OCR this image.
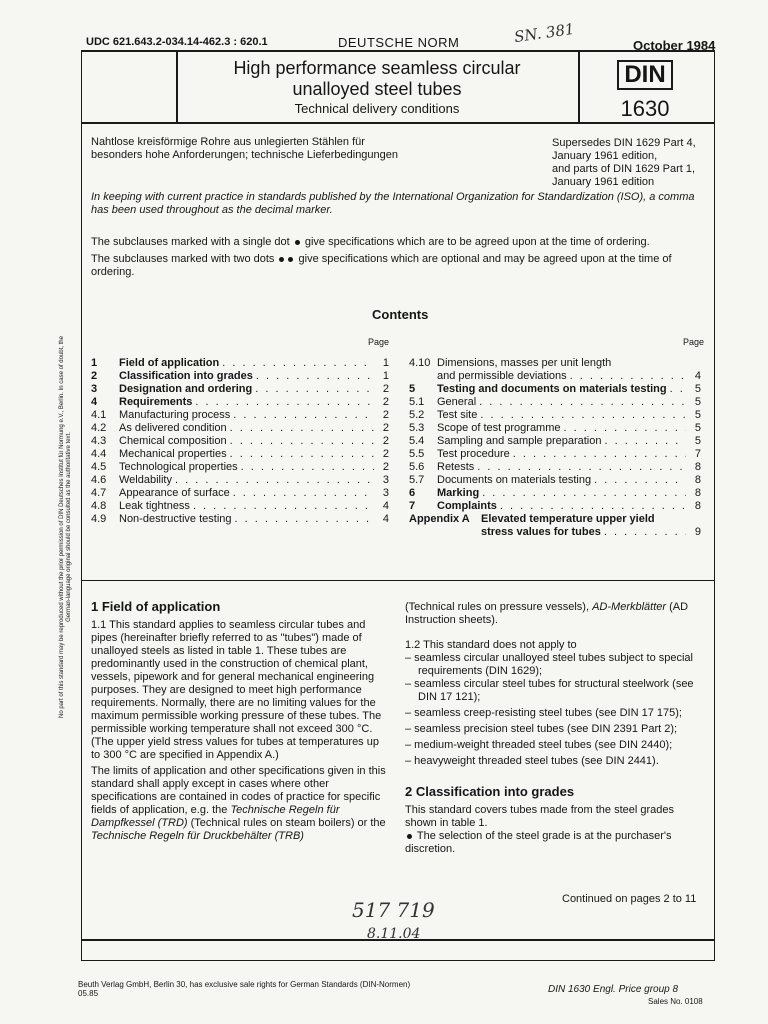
UDC 621.643.2-034.14-462.3 : 620.1	DEUTSCHE NORM	October 1984
SN. 381
High performance seamless circular
unalloyed steel tubes
Technical delivery conditions
DIN
1630
Nahtlose kreisförmige Rohre aus unlegierten Stählen für
besonders hohe Anforderungen; technische Lieferbedingungen
Supersedes DIN 1629 Part 4,
January 1961 edition,
and parts of DIN 1629 Part 1,
January 1961 edition
In keeping with current practice in standards published by the International Organization for Standardization (ISO), a comma has been used throughout as the decimal marker.
The subclauses marked with a single dot give specifications which are to be agreed upon at the time of ordering.
The subclauses marked with two dots give specifications which are optional and may be agreed upon at the time of ordering.
Contents
Page	Page
1	Field of application . . .	1
2	Classification into grades . . .	1
3	Designation and ordering . . .	2
4	Requirements . . .	2
4.1	Manufacturing process . . .	2
4.2	As delivered condition . . .	2
4.3	Chemical composition . . .	2
4.4	Mechanical properties . . .	2
4.5	Technological properties . . .	2
4.6	Weldability . . .	3
4.7	Appearance of surface . . .	3
4.8	Leak tightness . . .	4
4.9	Non-destructive testing . . .	4
4.10 Dimensions, masses per unit length
and permissible deviations . . .	4
5	Testing and documents on materials testing . . .	5
5.1	General . . .	5
5.2	Test site . . .	5
5.3	Scope of test programme . . .	5
5.4	Sampling and sample preparation . . .	5
5.5	Test procedure . . .	7
5.6	Retests . . .	8
5.7	Documents on materials testing . . .	8
6	Marking . . .	8
7	Complaints . . .	8
Appendix A	Elevated temperature upper yield
stress values for tubes . . .	9
1 Field of application

1.1 This standard applies to seamless circular tubes and pipes (hereinafter briefly referred to as "tubes") made of unalloyed steels as listed in table 1. These tubes are predominantly used in the construction of chemical plant, vessels, pipework and for general mechanical engineering purposes. They are designed to meet high performance requirements. Normally, there are no limiting values for the maximum permissible working pressure of these tubes. The permissible working temperature shall not exceed 300 °C. (The upper yield stress values for tubes at temperatures up to 300 °C are specified in Appendix A.)

The limits of application and other specifications given in this standard shall apply except in cases where other specifications are contained in codes of practice for specific fields of application, e.g. the Technische Regeln für Dampfkessel (TRD) (Technical rules on steam boilers) or the Technische Regeln für Druckbehälter (TRB)

(Technical rules on pressure vessels), AD-Merkblätter (AD Instruction sheets).

1.2 This standard does not apply to

– seamless circular unalloyed steel tubes subject to special requirements (DIN 1629);
– seamless circular steel tubes for structural steelwork (see DIN 17 121);
– seamless creep-resisting steel tubes (see DIN 17 175);
– seamless precision steel tubes (see DIN 2391 Part 2);
– medium-weight threaded steel tubes (see DIN 2440);
– heavyweight threaded steel tubes (see DIN 2441).
2 Classification into grades

This standard covers tubes made from the steel grades shown in table 1.

The selection of the steel grade is at the purchaser's discretion.

Continued on pages 2 to 11
517 719
8.11.04
No part of this standard may be reproduced without the prior permission of DIN Deutsches Institut für Normung e.V., Berlin. In case of doubt, the German-language original should be consulted as the authoritative text.
Beuth Verlag GmbH, Berlin 30, has exclusive sale rights for German Standards (DIN-Normen)
05.85	DIN 1630 Engl. Price group 8
Sales No. 0108
